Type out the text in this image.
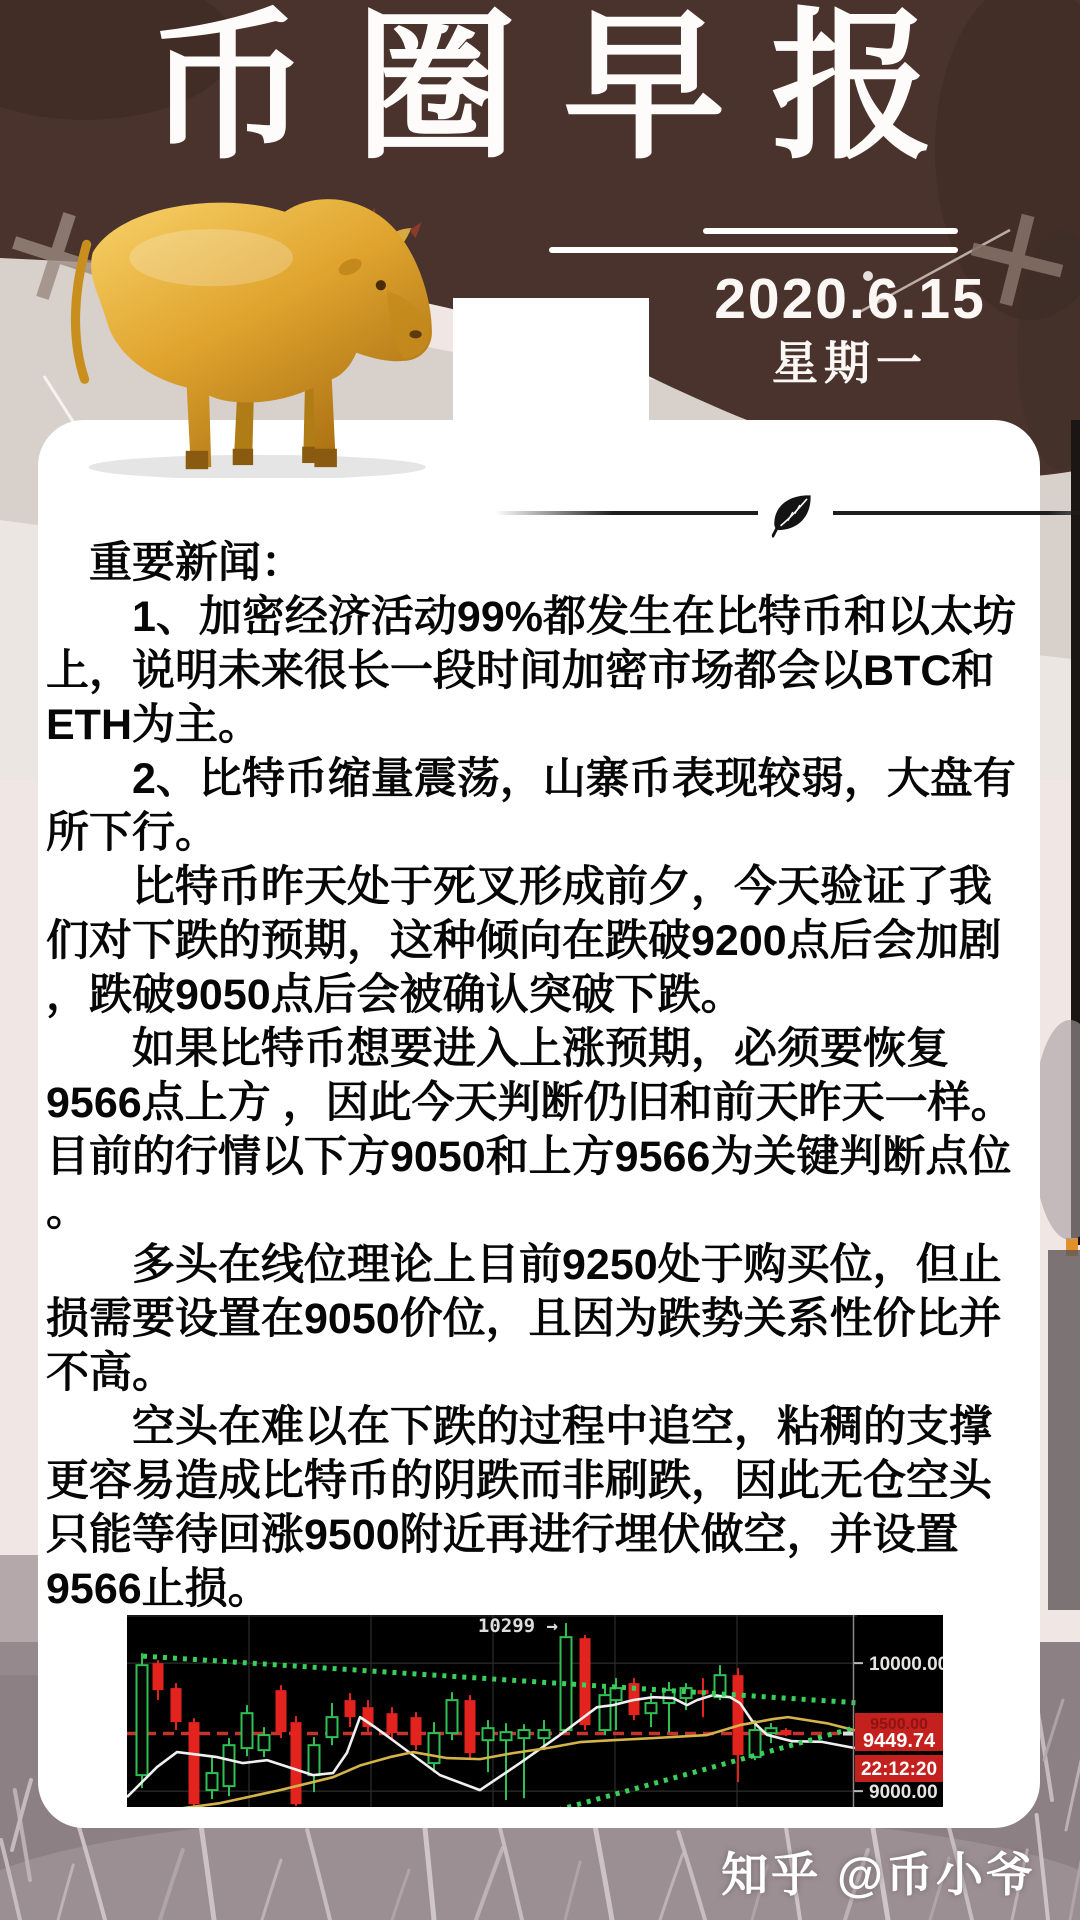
币圈早报
2020.6.15
星期一
　重要新闻：
　　1、加密经济活动99%都发生在比特币和以太坊
上，说明未来很长一段时间加密市场都会以BTC和
ETH为主。
　　2、比特币缩量震荡，山寨币表现较弱，大盘有
所下行。
　　比特币昨天处于死叉形成前夕，今天验证了我
们对下跌的预期，这种倾向在跌破9200点后会加剧
，跌破9050点后会被确认突破下跌。
　　如果比特币想要进入上涨预期，必须要恢复
9566点上方 ，因此今天判断仍旧和前天昨天一样。
目前的行情以下方9050和上方9566为关键判断点位
。
　　多头在线位理论上目前9250处于购买位，但止
损需要设置在9050价位，且因为跌势关系性价比并
不高。
　　空头在难以在下跌的过程中追空，粘稠的支撑
更容易造成比特币的阴跌而非刷跌，因此无仓空头
只能等待回涨9500附近再进行埋伏做空，并设置
9566止损。
10299 →
10000.00
9000.00
9500.00
9449.74
22:12:20
知乎 @币小爷
